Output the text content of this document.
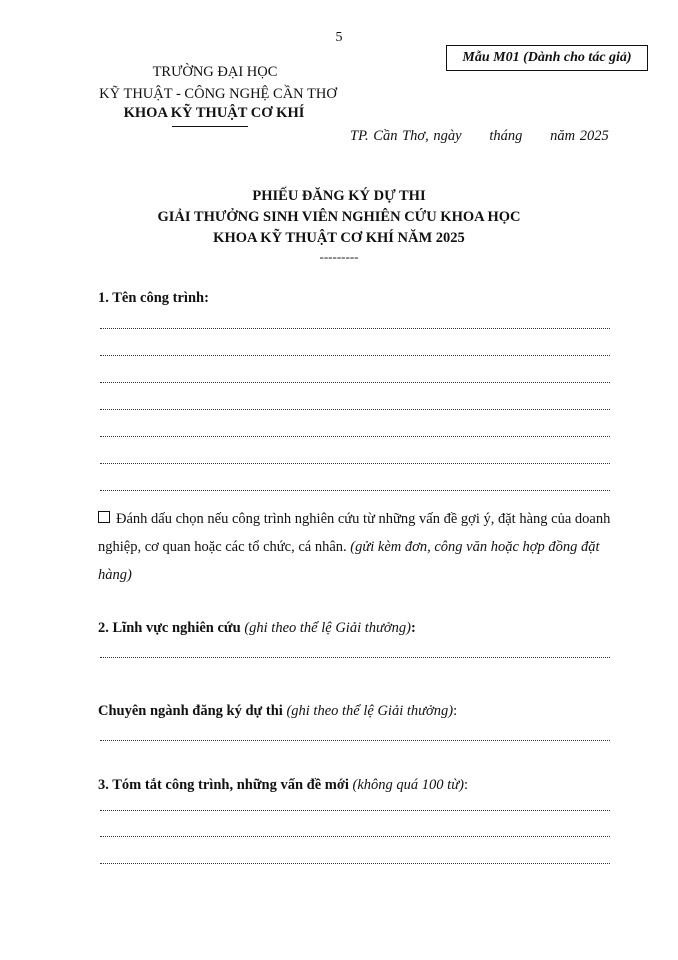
5
Mẫu M01 (Dành cho tác giả)
TRƯỜNG ĐẠI HỌC
KỸ THUẬT - CÔNG NGHỆ CẦN THƠ
KHOA KỸ THUẬT CƠ KHÍ
TP. Cần Thơ, ngày      tháng      năm 2025
PHIẾU ĐĂNG KÝ DỰ THI
GIẢI THƯỞNG SINH VIÊN NGHIÊN CỨU KHOA HỌC
KHOA KỸ THUẬT CƠ KHÍ NĂM 2025
---------
1. Tên công trình:
Đánh dấu chọn nếu công trình nghiên cứu từ những vấn đề gợi ý, đặt hàng của doanh nghiệp, cơ quan hoặc các tổ chức, cá nhân. (gửi kèm đơn, công văn hoặc hợp đồng đặt hàng)
2. Lĩnh vực nghiên cứu (ghi theo thể lệ Giải thưởng):
Chuyên ngành đăng ký dự thi (ghi theo thể lệ Giải thưởng):
3. Tóm tắt công trình, những vấn đề mới (không quá 100 từ):
